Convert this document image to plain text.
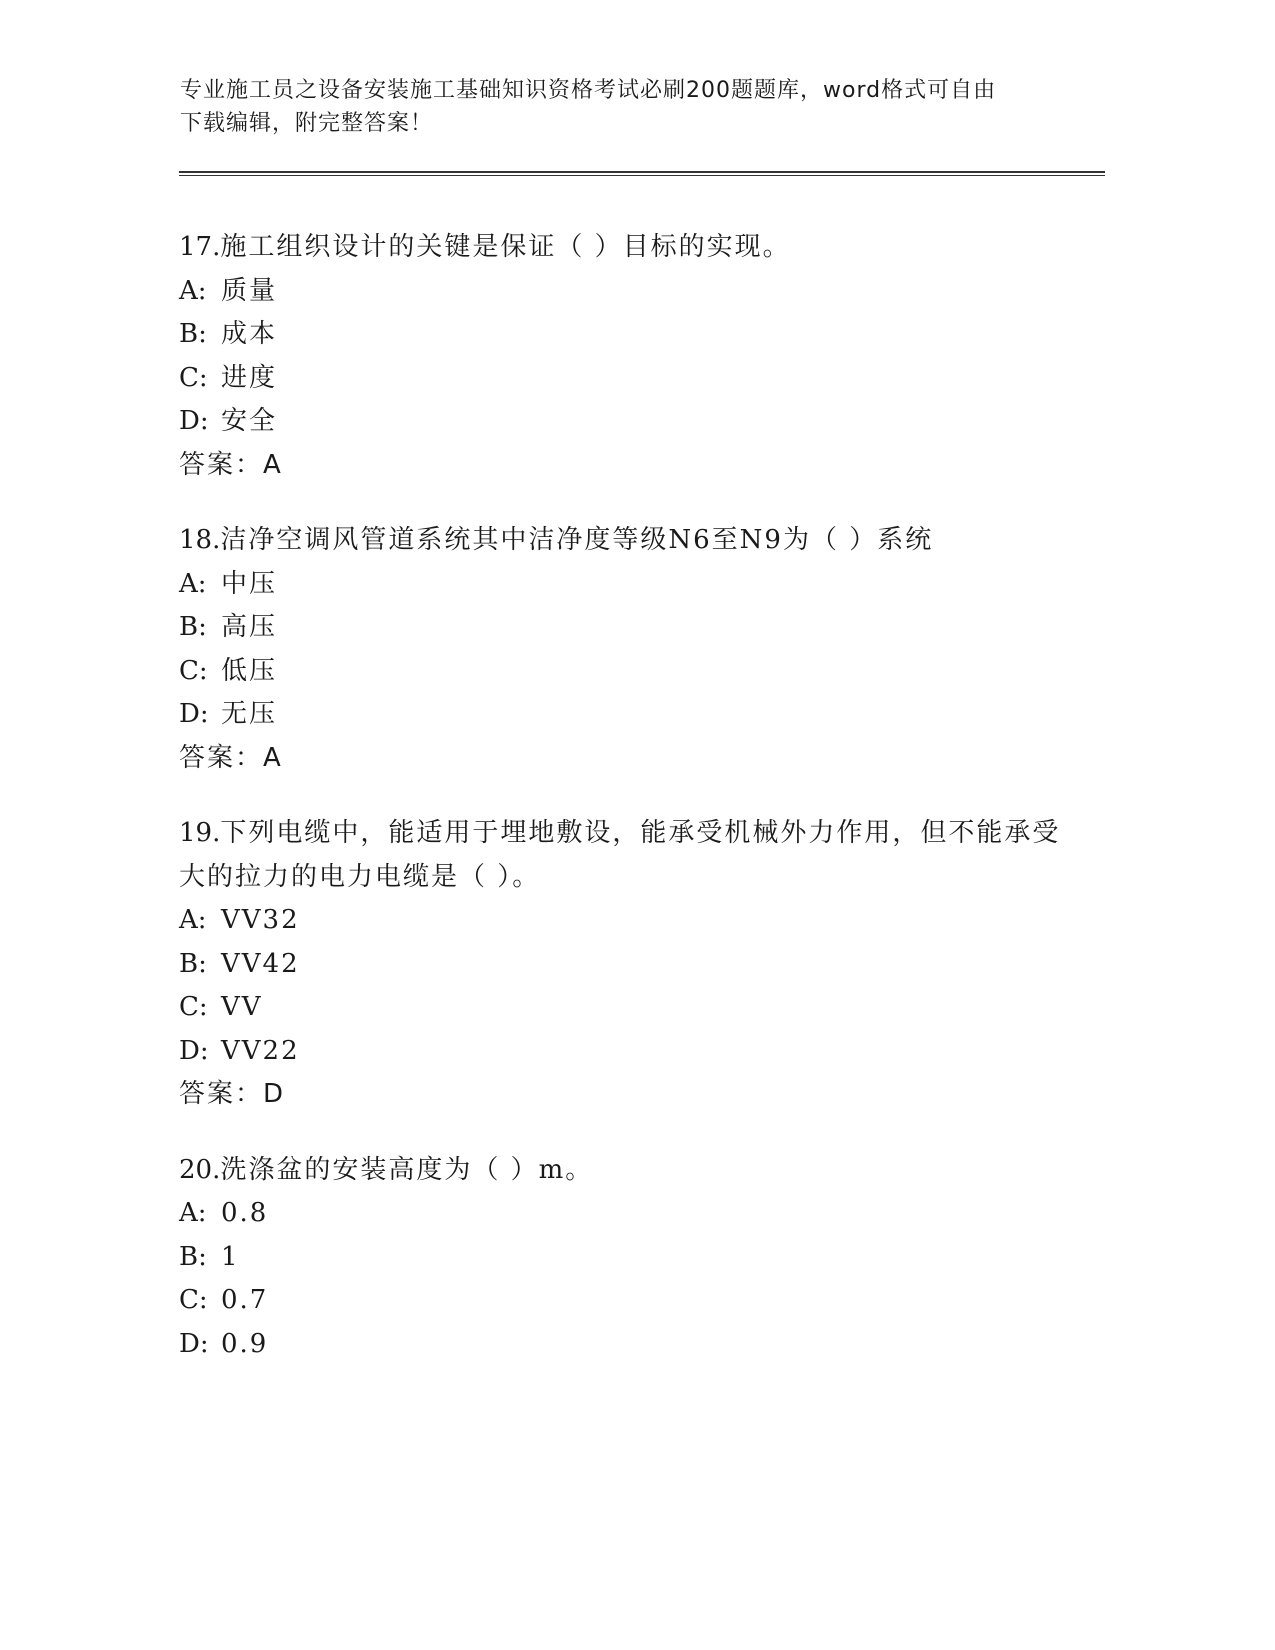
专业施工员之设备安装施工基础知识资格考试必刷200题题库，word格式可自由
下载编辑，附完整答案！
17.施工组织设计的关键是保证（ ）目标的实现。
A: 质量
B: 成本
C: 进度
D: 安全
答案：A
18.洁净空调风管道系统其中洁净度等级N6至N9为（ ）系统
A: 中压
B: 高压
C: 低压
D: 无压
答案：A
19.下列电缆中，能适用于埋地敷设，能承受机械外力作用，但不能承受大的拉力的电力电缆是（ ）。
A: VV32
B: VV42
C: VV
D: VV22
答案：D
20.洗涤盆的安装高度为（ ）m。
A: 0.8
B: 1
C: 0.7
D: 0.9
